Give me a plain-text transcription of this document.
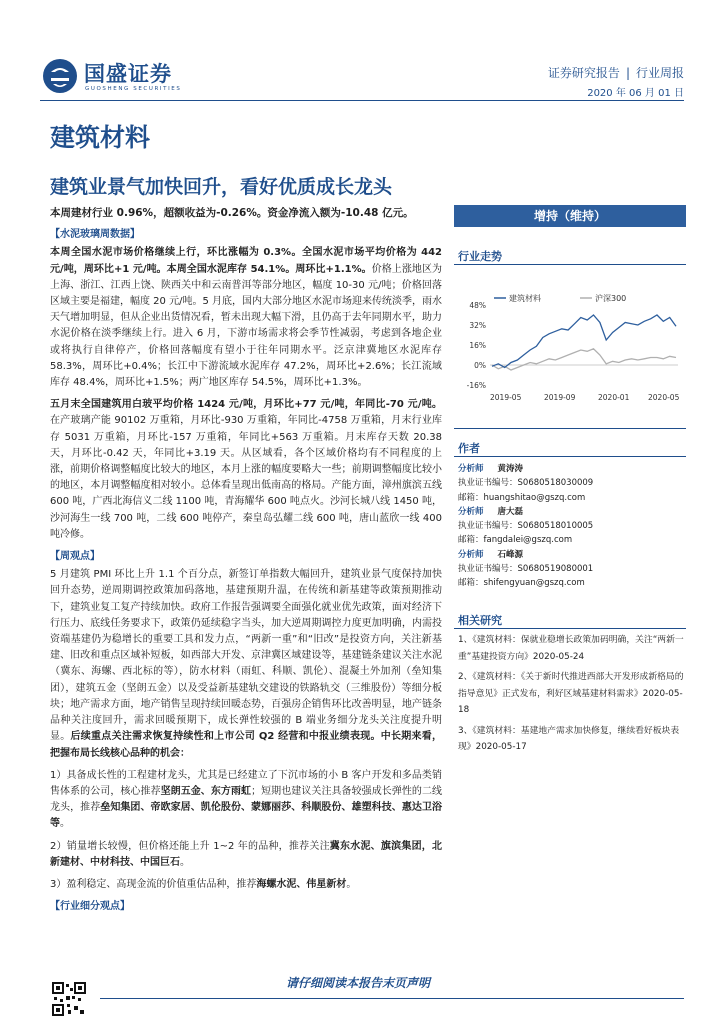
国盛证券
GUOSHENG SECURITIES
证券研究报告 | 行业周报
2020 年 06 月 01 日
建筑材料
建筑业景气加快回升，看好优质成长龙头

本周建材行业 0.96%，超额收益为-0.26%。资金净流入额为-10.48 亿元。

【水泥玻璃周数据】

本周全国水泥市场价格继续上行，环比涨幅为 0.3%。全国水泥市场平均价格为 442 元/吨，周环比+1 元/吨。本周全国水泥库存 54.1%。周环比+1.1%。价格上涨地区为上海、浙江、江西上饶、陕西关中和云南普洱等部分地区，幅度 10-30 元/吨；价格回落区域主要是福建，幅度 20 元/吨。5 月底，国内大部分地区水泥市场迎来传统淡季，雨水天气增加明显，但从企业出货情况看，暂未出现大幅下滑，且仍高于去年同期水平，助力水泥价格在淡季继续上行。进入 6 月，下游市场需求将会季节性减弱，考虑到各地企业或将执行自律停产，价格回落幅度有望小于往年同期水平。泛京津冀地区水泥库存 58.3%，周环比+0.4%；长江中下游流域水泥库存 47.2%，周环比+2.6%；长江流域库存 48.4%，周环比+1.5%；两广地区库存 54.5%，周环比+1.3%。

五月末全国建筑用白玻平均价格 1424 元/吨，月环比+77 元/吨，年同比-70 元/吨。在产玻璃产能 90102 万重箱，月环比-930 万重箱，年同比-4758 万重箱，月末行业库存 5031 万重箱，月环比-157 万重箱，年同比+563 万重箱。月末库存天数 20.38 天，月环比-0.42 天，年同比+3.19 天。从区域看，各个区域价格均有不同程度的上涨，前期价格调整幅度比较大的地区，本月上涨的幅度要略大一些；前期调整幅度比较小的地区，本月调整幅度相对较小。总体看呈现出低南高的格局。产能方面，漳州旗滨五线 600 吨，广西北海信义二线 1100 吨，青海耀华 600 吨点火。沙河长城八线 1450 吨，沙河海生一线 700 吨，二线 600 吨停产，秦皇岛弘耀二线 600 吨，唐山蓝欣一线 400 吨冷修。

【周观点】

5 月建筑 PMI 环比上升 1.1 个百分点，新签订单指数大幅回升，建筑业景气度保持加快回升态势，逆周期调控政策加码落地，基建预期升温，在传统和新基建等政策预期推动下，建筑业复工复产持续加快。政府工作报告强调要全面强化就业优先政策，面对经济下行压力、底线任务要求下，政策仍延续稳字当头，加大逆周期调控力度更加明确，内需投资端基建仍为稳增长的重要工具和发力点，“两新一重”和“旧改”是投资方向，关注新基建、旧改和重点区域补短板，如西部大开发、京津冀区域建设等，基建链条建议关注水泥（冀东、海螺、西北标的等），防水材料（雨虹、科顺、凯伦）、混凝土外加剂（垒知集团），建筑五金（坚朗五金）以及受益新基建轨交建设的铁路轨交（三维股份）等细分板块；地产需求方面，地产销售呈现持续回暖态势，百强房企销售环比改善明显，地产链条品种关注度回升，需求回暖预期下，成长弹性较强的 B 端业务细分龙头关注度提升明显。后续重点关注需求恢复持续性和上市公司 Q2 经营和中报业绩表现。中长期来看，把握布局长线核心品种的机会：

1）具备成长性的工程建材龙头，尤其是已经建立了下沉市场的小 B 客户开发和多品类销售体系的公司，核心推荐坚朗五金、东方雨虹；短期也建议关注具备较强成长弹性的二线龙头，推荐垒知集团、帝欧家居、凯伦股份、蒙娜丽莎、科顺股份、雄塑科技、惠达卫浴等。

2）销量增长较慢，但价格还能上升 1~2 年的品种，推荐关注冀东水泥、旗滨集团，北新建材、中材科技、中国巨石。

3）盈利稳定、高现金流的价值重估品种，推荐海螺水泥、伟星新材。

【行业细分观点】

增持（维持）
行业走势
建筑材料	沪深300
48%
32%
16%
0%
-16%
2019-05	2019-09	2020-01 2020-05
作者
分析师 黄涛涛
执业证书编号：S0680518030009
邮箱：huangshitao@gszq.com
分析师 唐大磊
执业证书编号：S0680518010005
邮箱：fangdalei@gszq.com
分析师 石峰源
执业证书编号：S0680519080001
邮箱：shifengyuan@gszq.com
相关研究

1、《建筑材料：保就业稳增长政策加码明确，关注“两新一重”基建投资方向》2020-05-24

2、《建筑材料：《关于新时代推进西部大开发形成新格局的指导意见》正式发布，利好区域基建材料需求》2020-05-18

3、《建筑材料：基建地产需求加快修复，继续看好板块表现》2020-05-17

请仔细阅读本报告末页声明
